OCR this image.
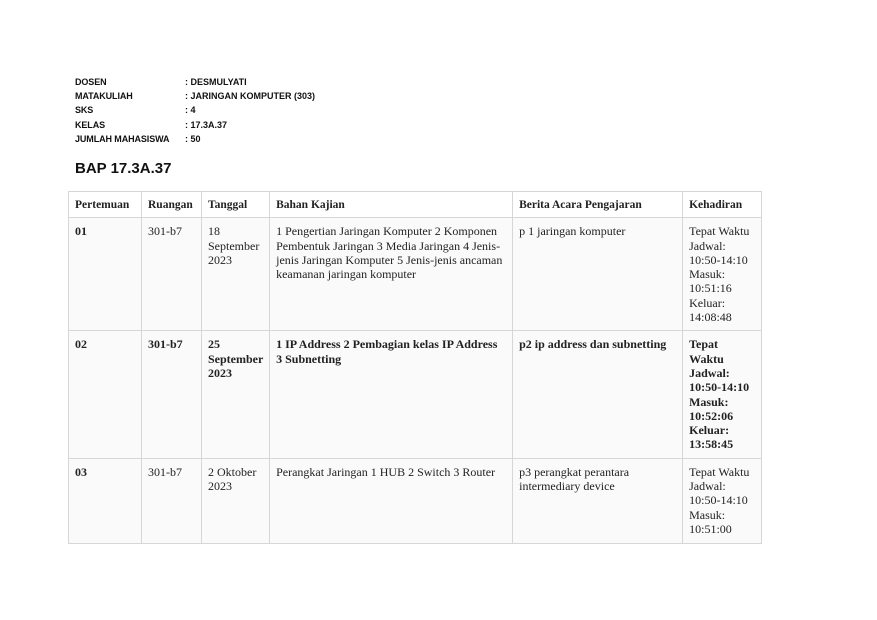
DOSEN	: DESMULYATI
MATAKULIAH	: JARINGAN KOMPUTER (303)
SKS	: 4
KELAS	: 17.3A.37
JUMLAH MAHASISWA	: 50
BAP 17.3A.37
Pertemuan	Ruangan	Tanggal	Bahan Kajian	Berita Acara Pengajaran	Kehadiran
01	301-b7	18 September 2023	1 Pengertian Jaringan Komputer 2 Komponen Pembentuk Jaringan 3 Media Jaringan 4 Jenis-jenis Jaringan Komputer 5 Jenis-jenis ancaman keamanan jaringan komputer	p 1 jaringan komputer	Tepat Waktu
Jadwal: 10:50-14:10
Masuk: 10:51:16
Keluar: 14:08:48

02	301-b7	25 September 2023	1 IP Address 2 Pembagian kelas IP Address 3 Subnetting	p2 ip address dan subnetting	Tepat Waktu
Jadwal: 10:50-14:10
Masuk: 10:52:06
Keluar: 13:58:45

03	301-b7	2 Oktober 2023	Perangkat Jaringan 1 HUB 2 Switch 3 Router	p3 perangkat perantara intermediary device	Tepat Waktu
Jadwal: 10:50-14:10
Masuk: 10:51:00
